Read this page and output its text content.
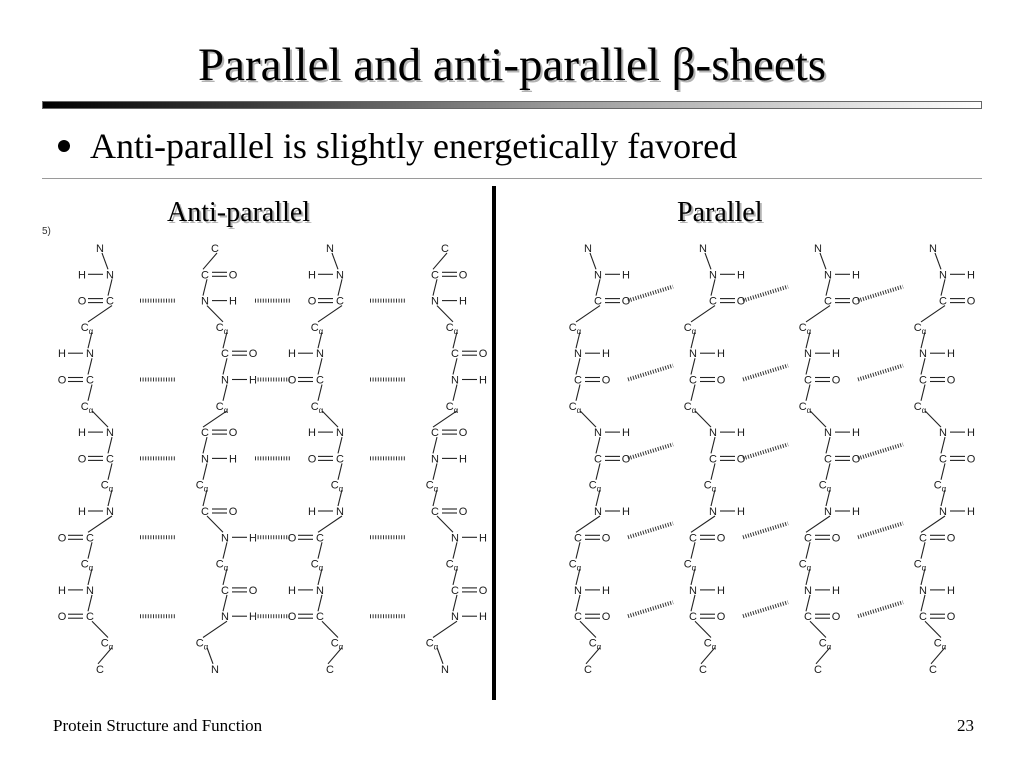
Parallel and anti-parallel β-sheets
Anti-parallel is slightly energetically favored
Anti-parallel	Parallel
N
C
N
H
C
O
$C_\alpha$
N
H
C
O
$C_\alpha$
N
H
C
O
$C_\alpha$
N
H
C
O
$C_\alpha$
N
H
C
O
$C_\alpha$
C
N
C O
N H
$C_\alpha$
C O
N H
$C_\alpha$
C O
N H
$C_\alpha$
C O
N H
$C_\alpha$
C O
N H
$C_\alpha$
N
C
N
H
C
O
$C_\alpha$
N
H
C
O
$C_\alpha$
N
H
C
O
$C_\alpha$
N
H
C
O
$C_\alpha$
N
H
C
O
$C_\alpha$
C
N
C O
N H
$C_\alpha$
C O
N H
$C_\alpha$
C O
N H
$C_\alpha$
C O
N H
$C_\alpha$
C O
N H
$C_\alpha$
5)
N
C
N H
C O
$C_\alpha$
N H
C O
$C_\alpha$
N H
C O
$C_\alpha$
N H
C O
$C_\alpha$
N H
C O
$C_\alpha$
N
C
N H
C O
$C_\alpha$
N H
C O
$C_\alpha$
N H
C O
$C_\alpha$
N H
C O
$C_\alpha$
N H
C O
$C_\alpha$
N
C
N H
C O
$C_\alpha$
N H
C O
$C_\alpha$
N H
C O
$C_\alpha$
N H
C O
$C_\alpha$
N H
C O
$C_\alpha$
N
C
N H
C O
$C_\alpha$
N H
C O
$C_\alpha$
N H
C O
$C_\alpha$
N H
C O
$C_\alpha$
N H
C O
$C_\alpha$
Protein Structure and Function	23
